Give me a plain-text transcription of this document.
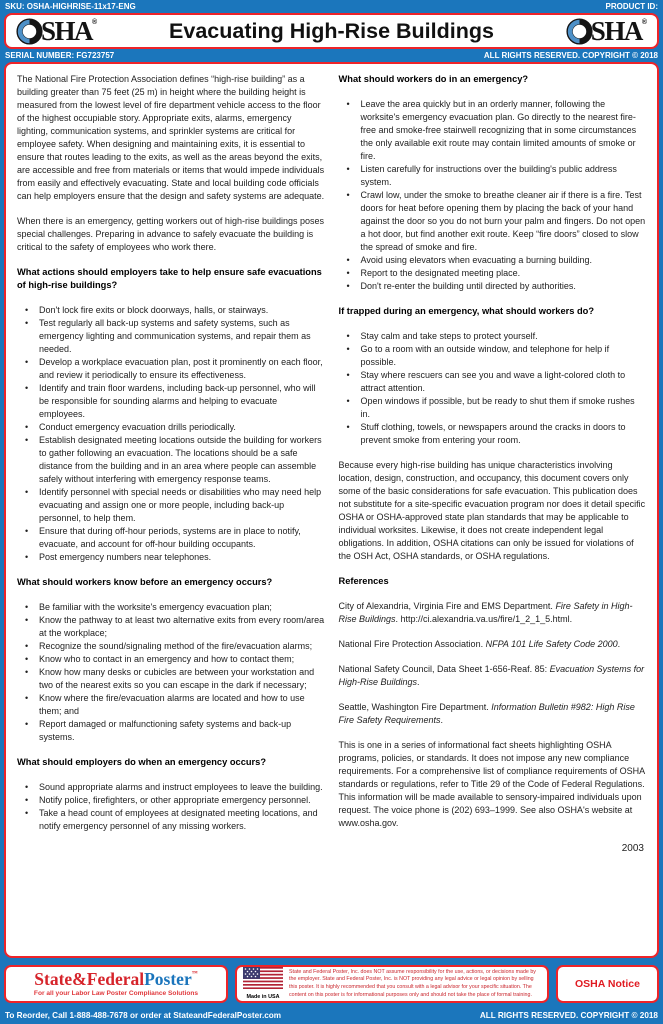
SKU: OSHA-HIGHRISE-11x17-ENG	PRODUCT ID:
SHA ®	Evacuating High-Rise Buildings	SHA ®
SERIAL NUMBER: FG723757	ALL RIGHTS RESERVED. COPYRIGHT © 2018

The National Fire Protection Association defines “high-rise building” as a building greater than 75 feet (25 m) in height where the building height is measured from the lowest level of fire department vehicle access to the floor of the highest occupiable story. Appropriate exits, alarms, emergency lighting, communication systems, and sprinkler systems are critical for employee safety. When designing and maintaining exits, it is essential to ensure that routes leading to the exits, as well as the areas beyond the exits, are accessible and free from materials or items that would impede individuals from easily and effectively evacuating. State and local building code officials can help employers ensure that the design and safety systems are adequate.

When there is an emergency, getting workers out of high-rise buildings poses special challenges. Preparing in advance to safely evacuate the building is critical to the safety of employees who work there.

What actions should employers take to help ensure safe evacuations of high-rise buildings?
• Don't lock fire exits or block doorways, halls, or stairways.
• Test regularly all back-up systems and safety systems, such as emergency lighting and communication systems, and repair them as needed.
• Develop a workplace evacuation plan, post it prominently on each floor, and review it periodically to ensure its effectiveness.
• Identify and train floor wardens, including back-up personnel, who will be responsible for sounding alarms and helping to evacuate employees.
• Conduct emergency evacuation drills periodically.
• Establish designated meeting locations outside the building for workers to gather following an evacuation. The locations should be a safe distance from the building and in an area where people can assemble safely without interfering with emergency response teams.
• Identify personnel with special needs or disabilities who may need help evacuating and assign one or more people, including back-up personnel, to help them.
• Ensure that during off-hour periods, systems are in place to notify, evacuate, and account for off-hour building occupants.
• Post emergency numbers near telephones.
What should workers know before an emergency occurs?
• Be familiar with the worksite's emergency evacuation plan;
• Know the pathway to at least two alternative exits from every room/area at the workplace;
• Recognize the sound/signaling method of the fire/evacuation alarms;
• Know who to contact in an emergency and how to contact them;
• Know how many desks or cubicles are between your workstation and two of the nearest exits so you can escape in the dark if necessary;
• Know where the fire/evacuation alarms are located and how to use them; and
• Report damaged or malfunctioning safety systems and back-up systems.
What should employers do when an emergency occurs?
• Sound appropriate alarms and instruct employees to leave the building.
• Notify police, firefighters, or other appropriate emergency personnel.
• Take a head count of employees at designated meeting locations, and notify emergency personnel of any missing workers.
What should workers do in an emergency?
• Leave the area quickly but in an orderly manner, following the worksite's emergency evacuation plan. Go directly to the nearest fire-free and smoke-free stairwell recognizing that in some circumstances the only available exit route may contain limited amounts of smoke or fire.
• Listen carefully for instructions over the building's public address system.
• Crawl low, under the smoke to breathe cleaner air if there is a fire. Test doors for heat before opening them by placing the back of your hand against the door so you do not burn your palm and fingers. Do not open a hot door, but find another exit route. Keep “fire doors” closed to slow the spread of smoke and fire.
• Avoid using elevators when evacuating a burning building.
• Report to the designated meeting place.
• Don't re-enter the building until directed by authorities.
If trapped during an emergency, what should workers do?
• Stay calm and take steps to protect yourself.
• Go to a room with an outside window, and telephone for help if possible.
• Stay where rescuers can see you and wave a light-colored cloth to attract attention.
• Open windows if possible, but be ready to shut them if smoke rushes in.
• Stuff clothing, towels, or newspapers around the cracks in doors to prevent smoke from entering your room.

Because every high-rise building has unique characteristics involving location, design, construction, and occupancy, this document covers only some of the basic considerations for safe evacuation. This publication does not substitute for a site-specific evacuation program nor does it detail specific OSHA or OSHA-approved state plan standards that may be applicable to individual worksites. Likewise, it does not create independent legal obligations. In addition, OSHA citations can only be issued for violations of the OSH Act, OSHA standards, or OSHA regulations.

References

City of Alexandria, Virginia Fire and EMS Department. Fire Safety in High-Rise Buildings. http://ci.alexandria.va.us/fire/1_2_1_5.html.

National Fire Protection Association. NFPA 101 Life Safety Code 2000.

National Safety Council, Data Sheet 1-656-Reaf. 85: Evacuation Systems for High-Rise Buildings.

Seattle, Washington Fire Department. Information Bulletin #982: High Rise Fire Safety Requirements.

This is one in a series of informational fact sheets highlighting OSHA programs, policies, or standards. It does not impose any new compliance requirements. For a comprehensive list of compliance requirements of OSHA standards or regulations, refer to Title 29 of the Code of Federal Regulations. This information will be made available to sensory-impaired individuals upon request. The voice phone is (202) 693–1999. See also OSHA's website at www.osha.gov.

2003
State&FederalPoster™
For all your Labor Law Poster Compliance Solutions
Made in USA
State and Federal Poster, Inc. does NOT assume responsibility for the use, actions, or decisions made by the employer. State and Federal Poster, Inc. is NOT providing any legal advice or legal opinion by selling this poster. It is highly recommended that you consult with a legal advisor for your specific situation. The content on this poster is for informational purposes only and should not take the place of formal training.
OSHA Notice
To Reorder, Call 1-888-488-7678 or order at StateandFederalPoster.com	ALL RIGHTS RESERVED. COPYRIGHT © 2018
